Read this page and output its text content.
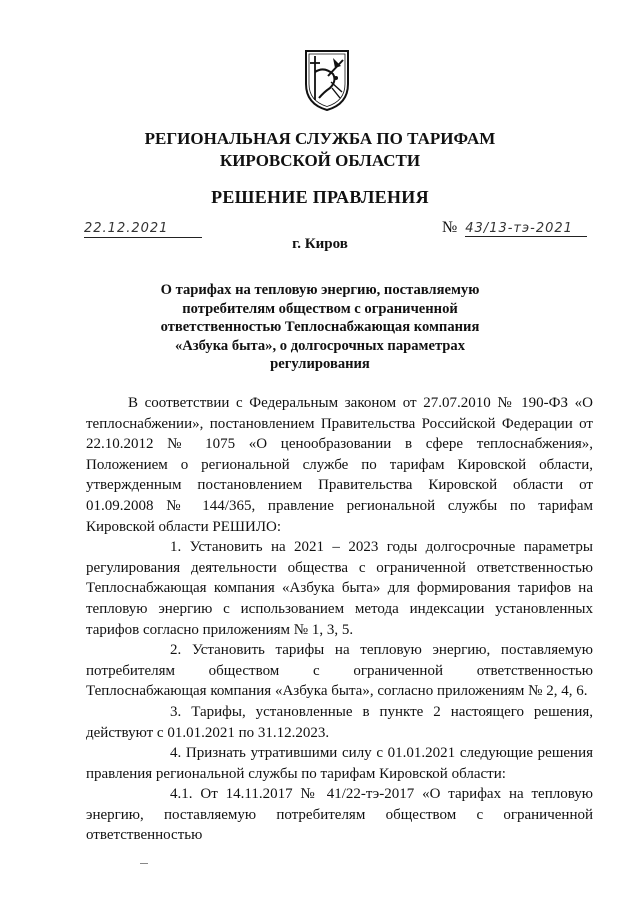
РЕГИОНАЛЬНАЯ СЛУЖБА ПО ТАРИФАМ
КИРОВСКОЙ ОБЛАСТИ
РЕШЕНИЕ ПРАВЛЕНИЯ
22.12.2021	№ 43/13-тэ-2021
г. Киров
О тарифах на тепловую энергию, поставляемую
потребителям обществом с ограниченной
ответственностью Теплоснабжающая компания
«Азбука быта», о долгосрочных параметрах
регулирования

В соответствии с Федеральным законом от 27.07.2010 № 190-ФЗ «О теплоснабжении», постановлением Правительства Российской Федерации от 22.10.2012 № 1075 «О ценообразовании в сфере теплоснабжения», Положением о региональной службе по тарифам Кировской области, утвержденным постановлением Правительства Кировской области от 01.09.2008 № 144/365, правление региональной службы по тарифам Кировской области РЕШИЛО:

1. Установить на 2021 – 2023 годы долгосрочные параметры регулирования деятельности общества с ограниченной ответственностью Теплоснабжающая компания «Азбука быта» для формирования тарифов на тепловую энергию с использованием метода индексации установленных тарифов согласно приложениям № 1, 3, 5.

2. Установить тарифы на тепловую энергию, поставляемую потребителям обществом с ограниченной ответственностью Теплоснабжающая компания «Азбука быта», согласно приложениям № 2, 4, 6.

3. Тарифы, установленные в пункте 2 настоящего решения, действуют с 01.01.2021 по 31.12.2023.

4. Признать утратившими силу с 01.01.2021 следующие решения правления региональной службы по тарифам Кировской области:

4.1. От 14.11.2017 № 41/22-тэ-2017 «О тарифах на тепловую энергию, поставляемую потребителям обществом с ограниченной ответственностью
